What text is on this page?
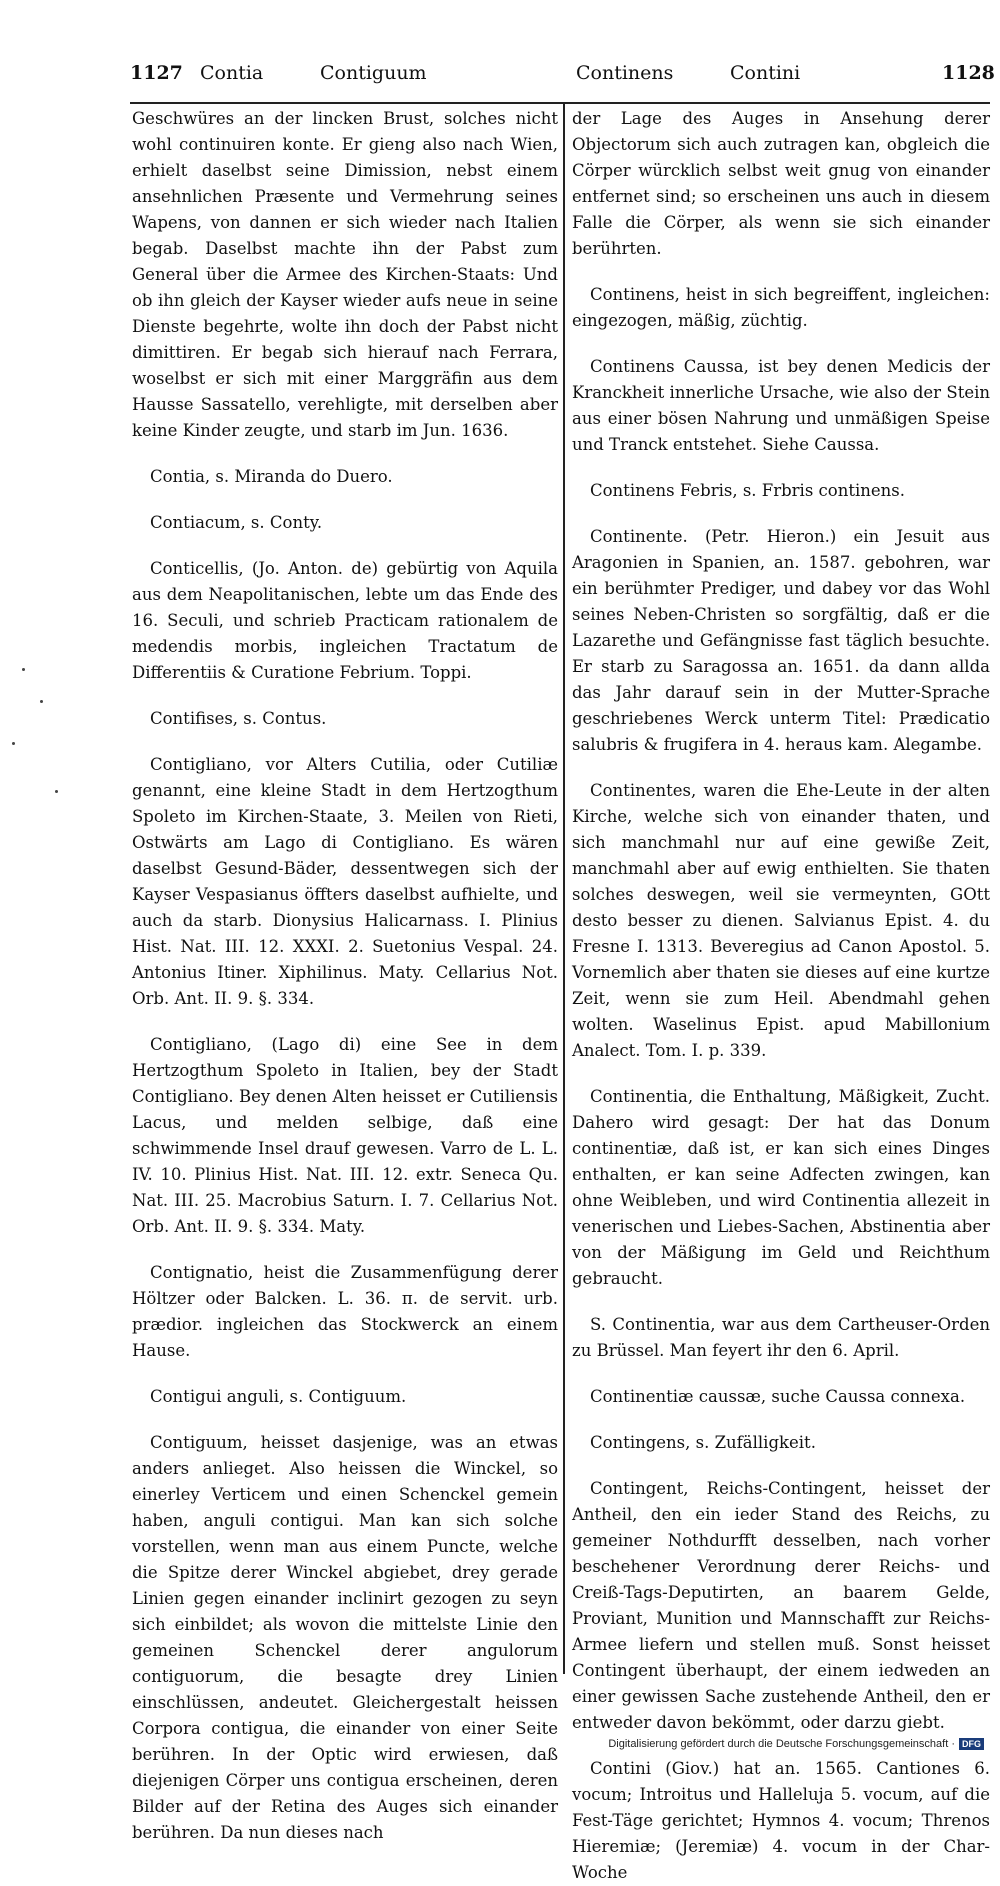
1127 Contia	Contiguum	Continens	Contini	1128

Geschwüres an der lincken Brust, solches nicht wohl continuiren konte. Er gieng also nach Wien, erhielt daselbst seine Dimission, nebst einem ansehnlichen Præsente und Vermehrung seines Wapens, von dannen er sich wieder nach Italien begab. Daselbst machte ihn der Pabst zum General über die Armee des Kirchen-Staats: Und ob ihn gleich der Kayser wieder aufs neue in seine Dienste begehrte, wolte ihn doch der Pabst nicht dimittiren. Er begab sich hierauf nach Ferrara, woselbst er sich mit einer Marggräfin aus dem Hausse Sassatello, verehligte, mit derselben aber keine Kinder zeugte, und starb im Jun. 1636.

Contia, s. Miranda do Duero.

Contiacum, s. Conty.

Conticellis, (Jo. Anton. de) gebürtig von Aquila aus dem Neapolitanischen, lebte um das Ende des 16. Seculi, und schrieb Practicam rationalem de medendis morbis, ingleichen Tractatum de Differentiis & Curatione Febrium. Toppi.

Contifises, s. Contus.

Contigliano, vor Alters Cutilia, oder Cutiliæ genannt, eine kleine Stadt in dem Hertzogthum Spoleto im Kirchen-Staate, 3. Meilen von Rieti, Ostwärts am Lago di Contigliano. Es wären daselbst Gesund-Bäder, dessentwegen sich der Kayser Vespasianus öffters daselbst aufhielte, und auch da starb. Dionysius Halicarnass. I. Plinius Hist. Nat. III. 12. XXXI. 2. Suetonius Vespal. 24. Antonius Itiner. Xiphilinus. Maty. Cellarius Not. Orb. Ant. II. 9. §. 334.

Contigliano, (Lago di) eine See in dem Hertzogthum Spoleto in Italien, bey der Stadt Contigliano. Bey denen Alten heisset er Cutiliensis Lacus, und melden selbige, daß eine schwimmende Insel drauf gewesen. Varro de L. L. IV. 10. Plinius Hist. Nat. III. 12. extr. Seneca Qu. Nat. III. 25. Macrobius Saturn. I. 7. Cellarius Not. Orb. Ant. II. 9. §. 334. Maty.

Contignatio, heist die Zusammenfügung derer Höltzer oder Balcken. L. 36. π. de servit. urb. prædior. ingleichen das Stockwerck an einem Hause.

Contigui anguli, s. Contiguum.

Contiguum, heisset dasjenige, was an etwas anders anlieget. Also heissen die Winckel, so einerley Verticem und einen Schenckel gemein haben, anguli contigui. Man kan sich solche vorstellen, wenn man aus einem Puncte, welche die Spitze derer Winckel abgiebet, drey gerade Linien gegen einander inclinirt gezogen zu seyn sich einbildet; als wovon die mittelste Linie den gemeinen Schenckel derer angulorum contiguorum, die besagte drey Linien einschlüssen, andeutet. Gleichergestalt heissen Corpora contigua, die einander von einer Seite berühren. In der Optic wird erwiesen, daß diejenigen Cörper uns contigua erscheinen, deren Bilder auf der Retina des Auges sich einander berühren. Da nun dieses nach

der Lage des Auges in Ansehung derer Objectorum sich auch zutragen kan, obgleich die Cörper würcklich selbst weit gnug von einander entfernet sind; so erscheinen uns auch in diesem Falle die Cörper, als wenn sie sich einander berührten.

Continens, heist in sich begreiffent, ingleichen: eingezogen, mäßig, züchtig.

Continens Caussa, ist bey denen Medicis der Kranckheit innerliche Ursache, wie also der Stein aus einer bösen Nahrung und unmäßigen Speise und Tranck entstehet. Siehe Caussa.

Continens Febris, s. Frbris continens.

Continente. (Petr. Hieron.) ein Jesuit aus Aragonien in Spanien, an. 1587. gebohren, war ein berühmter Prediger, und dabey vor das Wohl seines Neben-Christen so sorgfältig, daß er die Lazarethe und Gefängnisse fast täglich besuchte. Er starb zu Saragossa an. 1651. da dann allda das Jahr darauf sein in der Mutter-Sprache geschriebenes Werck unterm Titel: Prædicatio salubris & frugifera in 4. heraus kam. Alegambe.

Continentes, waren die Ehe-Leute in der alten Kirche, welche sich von einander thaten, und sich manchmahl nur auf eine gewiße Zeit, manchmahl aber auf ewig enthielten. Sie thaten solches deswegen, weil sie vermeynten, GOtt desto besser zu dienen. Salvianus Epist. 4. du Fresne I. 1313. Beveregius ad Canon Apostol. 5. Vornemlich aber thaten sie dieses auf eine kurtze Zeit, wenn sie zum Heil. Abendmahl gehen wolten. Waselinus Epist. apud Mabillonium Analect. Tom. I. p. 339.

Continentia, die Enthaltung, Mäßigkeit, Zucht. Dahero wird gesagt: Der hat das Donum continentiæ, daß ist, er kan sich eines Dinges enthalten, er kan seine Adfecten zwingen, kan ohne Weibleben, und wird Continentia allezeit in venerischen und Liebes-Sachen, Abstinentia aber von der Mäßigung im Geld und Reichthum gebraucht.

S. Continentia, war aus dem Cartheuser-Orden zu Brüssel. Man feyert ihr den 6. April.

Continentiæ caussæ, suche Caussa connexa.

Contingens, s. Zufälligkeit.

Contingent, Reichs-Contingent, heisset der Antheil, den ein ieder Stand des Reichs, zu gemeiner Nothdurfft desselben, nach vorher beschehener Verordnung derer Reichs- und Creiß-Tags-Deputirten, an baarem Gelde, Proviant, Munition und Mannschafft zur Reichs-Armee liefern und stellen muß. Sonst heisset Contingent überhaupt, der einem iedweden an einer gewissen Sache zustehende Antheil, den er entweder davon bekömmt, oder darzu giebt.

Contini (Giov.) hat an. 1565. Cantiones 6. vocum; Introitus und Halleluja 5. vocum, auf die Fest-Täge gerichtet; Hymnos 4. vocum; Threnos Hieremiæ; (Jeremiæ) 4. vocum in der Char-Woche

Digitalisierung gefördert durch die Deutsche Forschungsgemeinschaft · DFG
